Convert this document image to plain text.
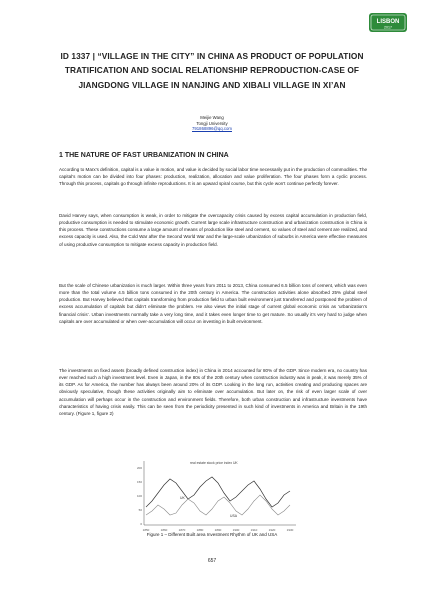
LISBON
2017
ID 1337 | “VILLAGE IN THE CITY” IN CHINA AS PRODUCT OF POPULATION TRATIFICATION AND SOCIAL RELATIONSHIP REPRODUCTION-CASE OF JIANGDONG VILLAGE IN NANJING AND XIBALI VILLAGE IN XI’AN
Meijie Wang
Tongji University
791868896@qq.com
1 THE NATURE OF FAST URBANIZATION IN CHINA

According to Marx’s definition, capital is a value in motion, and value is decided by social labor time necessarily put in the production of commodities. The capital’s motion can be divided into four phases: production, realization, allocation and value proliferation. The four phases form a cyclic process. Through this process, capitals go through infinite reproductions. It is an upward spiral course, but this cycle won’t continue perfectly forever.

David Harvey says, when consumption is weak, in order to mitigate the overcapacity crisis caused by excess capital accumulation in production field, productive consumption is needed to stimulate economic growth. Current large scale infrastructure construction and urbanization construction in China is this process. These constructions consume a large amount of means of production like steel and cement, so values of steel and cement are realized, and excess capacity is used. Also, the Cold War after the Second World War and the large-scale urbanization of suburbs in America were effective measures of using productive consumption to mitigate excess capacity in production field.

But the scale of Chinese urbanization is much larger. Within three years from 2011 to 2013, China consumed 6.5 billion tons of cement, which was even more than the total volume 4.5 billion tons consumed in the 20th century in America. The construction activities alone absorbed 25% global steel production. But Harvey believed that capitals transforming from production field to urban built environment just transferred and postponed the problem of excess accumulation of capitals but didn’t eliminate the problem. He also views the initial stage of current global economic crisis as ‘urbanization’s financial crisis’. Urban investments normally take a very long time, and it takes even longer time to get mature. So usually it’s very hard to judge when capitals are over accumulated or when over-accumulation will occur on investing in built environment.

The investments on fixed assets (broadly defined construction index) in China in 2014 accounted for 80% of the GDP. Since modern era, no country has ever reached such a high investment level. Even in Japan, in the 80s of the 20th century when construction industry was in peak, it was merely 35% of its GDP. As for America, the number has always been around 20% of its GDP. Looking in the long run, activities creating and producing spaces are obviously speculative, though these activities originally aim to eliminate over accumulation. But later on, the risk of even larger scale of over accumulation will perhaps occur in the construction and environment fields. Therefore, both urban construction and infrastructure investments have characteristics of having crisis easily. This can be seen from the periodicity presented in such kind of investments in America and Britain in the 19th century. (Figure 1, figure 2)

real estate stock price index UK
200
150
100
50
0
1850	1860	1870	1880	1890	1900	1910	1920	1930
UK
USA
Figure 1 – Different Built area Investment Rhythm of UK and USA
657
